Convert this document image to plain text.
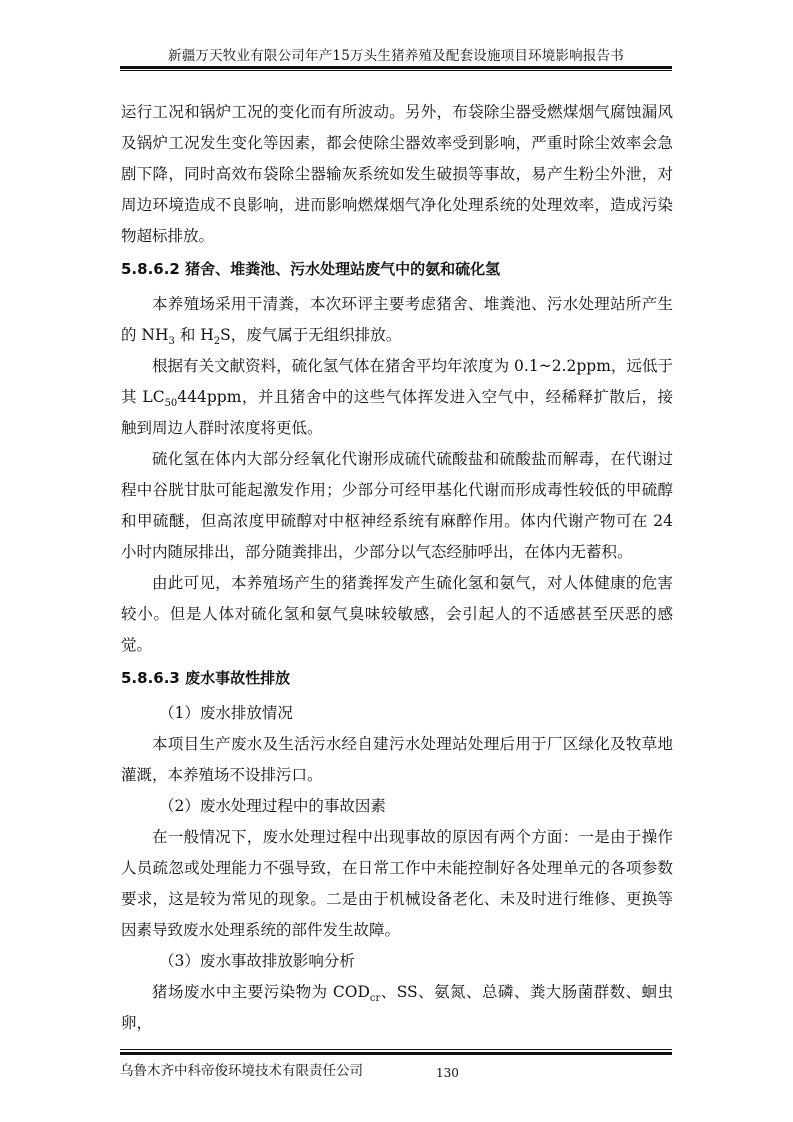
新疆万天牧业有限公司年产15万头生猪养殖及配套设施项目环境影响报告书

运行工况和锅炉工况的变化而有所波动。另外，布袋除尘器受燃煤烟气腐蚀漏风及锅炉工况发生变化等因素，都会使除尘器效率受到影响，严重时除尘效率会急剧下降，同时高效布袋除尘器输灰系统如发生破损等事故，易产生粉尘外泄，对周边环境造成不良影响，进而影响燃煤烟气净化处理系统的处理效率，造成污染物超标排放。

5.8.6.2 猪舍、堆粪池、污水处理站废气中的氨和硫化氢

本养殖场采用干清粪，本次环评主要考虑猪舍、堆粪池、污水处理站所产生的 $NH_3$ 和 $H_2S$，废气属于无组织排放。

根据有关文献资料，硫化氢气体在猪舍平均年浓度为 0.1~2.2ppm，远低于其 $LC_{50}444ppm$，并且猪舍中的这些气体挥发进入空气中，经稀释扩散后，接触到周边人群时浓度将更低。

硫化氢在体内大部分经氧化代谢形成硫代硫酸盐和硫酸盐而解毒，在代谢过程中谷胱甘肽可能起激发作用；少部分可经甲基化代谢而形成毒性较低的甲硫醇和甲硫醚，但高浓度甲硫醇对中枢神经系统有麻醉作用。体内代谢产物可在 24 小时内随尿排出，部分随粪排出，少部分以气态经肺呼出，在体内无蓄积。

由此可见，本养殖场产生的猪粪挥发产生硫化氢和氨气，对人体健康的危害较小。但是人体对硫化氢和氨气臭味较敏感，会引起人的不适感甚至厌恶的感觉。

5.8.6.3 废水事故性排放

（1）废水排放情况

本项目生产废水及生活污水经自建污水处理站处理后用于厂区绿化及牧草地灌溉，本养殖场不设排污口。

（2）废水处理过程中的事故因素

在一般情况下，废水处理过程中出现事故的原因有两个方面：一是由于操作人员疏忽或处理能力不强导致，在日常工作中未能控制好各处理单元的各项参数要求，这是较为常见的现象。二是由于机械设备老化、未及时进行维修、更换等因素导致废水处理系统的部件发生故障。

（3）废水事故排放影响分析

猪场废水中主要污染物为 $COD_{cr}$、SS、氨氮、总磷、粪大肠菌群数、蛔虫卵，

乌鲁木齐中科帝俊环境技术有限责任公司	130
